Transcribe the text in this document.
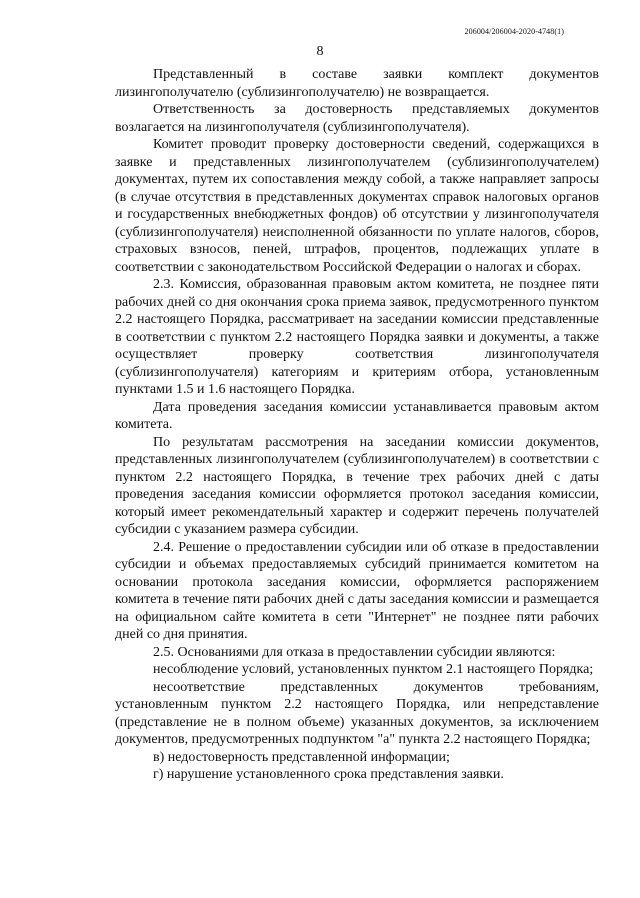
206004/206004-2020-4748(1)
8

Представленный в составе заявки комплект документов лизингополучателю (сублизингополучателю) не возвращается.

Ответственность за достоверность представляемых документов возлагается на лизингополучателя (сублизингополучателя).

Комитет проводит проверку достоверности сведений, содержащихся в заявке и представленных лизингополучателем (сублизингополучателем) документах, путем их сопоставления между собой, а также направляет запросы (в случае отсутствия в представленных документах справок налоговых органов и государственных внебюджетных фондов) об отсутствии у лизингополучателя (сублизингополучателя) неисполненной обязанности по уплате налогов, сборов, страховых взносов, пеней, штрафов, процентов, подлежащих уплате в соответствии с законодательством Российской Федерации о налогах и сборах.

2.3. Комиссия, образованная правовым актом комитета, не позднее пяти рабочих дней со дня окончания срока приема заявок, предусмотренного пунктом 2.2 настоящего Порядка, рассматривает на заседании комиссии представленные в соответствии с пунктом 2.2 настоящего Порядка заявки и документы, а также осуществляет проверку соответствия лизингополучателя (сублизингополучателя) категориям и критериям отбора, установленным пунктами 1.5 и 1.6 настоящего Порядка.

Дата проведения заседания комиссии устанавливается правовым актом комитета.

По результатам рассмотрения на заседании комиссии документов, представленных лизингополучателем (сублизингополучателем) в соответствии с пунктом 2.2 настоящего Порядка, в течение трех рабочих дней с даты проведения заседания комиссии оформляется протокол заседания комиссии, который имеет рекомендательный характер и содержит перечень получателей субсидии с указанием размера субсидии.

2.4. Решение о предоставлении субсидии или об отказе в предоставлении субсидии и объемах предоставляемых субсидий принимается комитетом на основании протокола заседания комиссии, оформляется распоряжением комитета в течение пяти рабочих дней с даты заседания комиссии и размещается на официальном сайте комитета в сети "Интернет" не позднее пяти рабочих дней со дня принятия.

2.5. Основаниями для отказа в предоставлении субсидии являются:

несоблюдение условий, установленных пунктом 2.1 настоящего Порядка;

несоответствие представленных документов требованиям, установленным пунктом 2.2 настоящего Порядка, или непредставление (представление не в полном объеме) указанных документов, за исключением документов, предусмотренных подпунктом "а" пункта 2.2 настоящего Порядка;

в) недостоверность представленной информации;

г) нарушение установленного срока представления заявки.
